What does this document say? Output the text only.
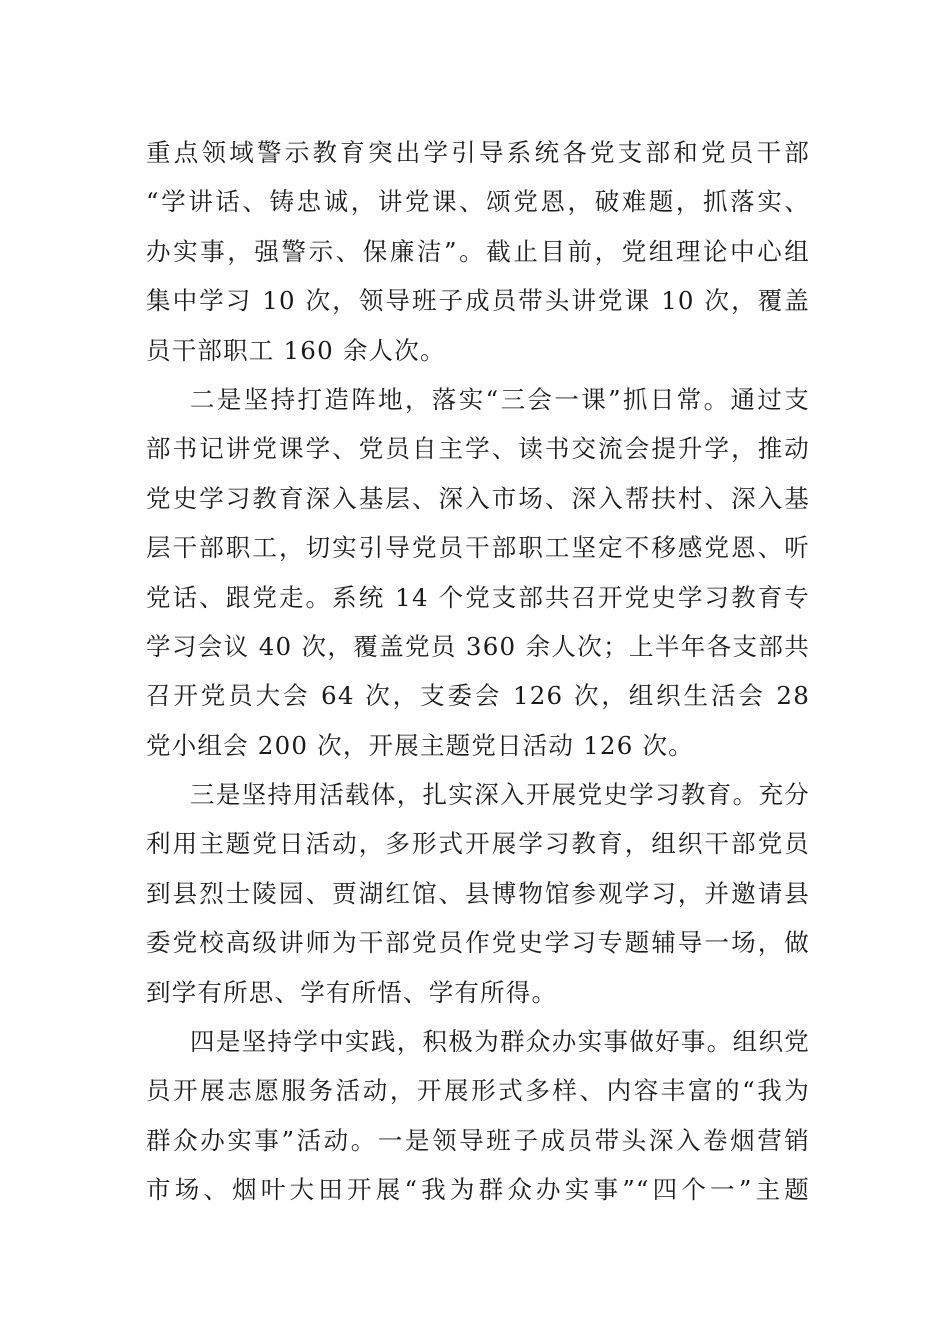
重点领域警示教育突出学引导系统各党支部和党员干部
“学讲话、铸忠诚，讲党课、颂党恩，破难题，抓落实、
办实事，强警示、保廉洁”。截止目前，党组理论中心组
集中学习 10 次，领导班子成员带头讲党课 10 次，覆盖
员干部职工 160 余人次。
二是坚持打造阵地，落实“三会一课”抓日常。通过支
部书记讲党课学、党员自主学、读书交流会提升学，推动
党史学习教育深入基层、深入市场、深入帮扶村、深入基
层干部职工，切实引导党员干部职工坚定不移感党恩、听
党话、跟党走。系统 14 个党支部共召开党史学习教育专
学习会议 40 次，覆盖党员 360 余人次；上半年各支部共
召开党员大会 64 次，支委会 126 次，组织生活会 28
党小组会 200 次，开展主题党日活动 126 次。
三是坚持用活载体，扎实深入开展党史学习教育。充分
利用主题党日活动，多形式开展学习教育，组织干部党员
到县烈士陵园、贾湖红馆、县博物馆参观学习，并邀请县
委党校高级讲师为干部党员作党史学习专题辅导一场，做
到学有所思、学有所悟、学有所得。
四是坚持学中实践，积极为群众办实事做好事。组织党
员开展志愿服务活动，开展形式多样、内容丰富的“我为
群众办实事”活动。一是领导班子成员带头深入卷烟营销
市场、烟叶大田开展“我为群众办实事”“四个一”主题
